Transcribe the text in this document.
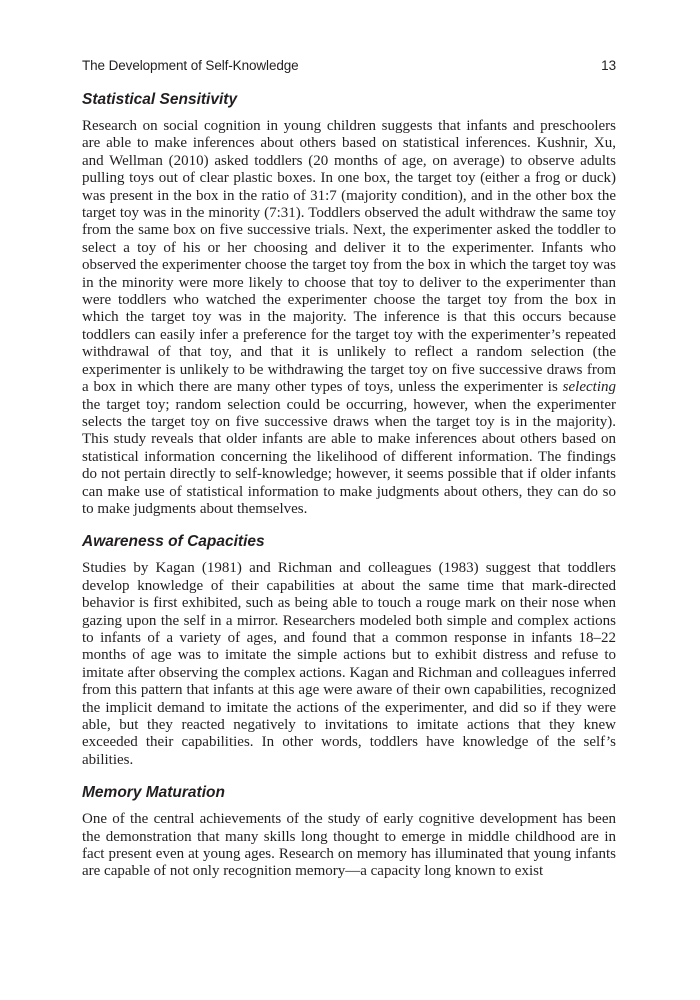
The Development of Self-Knowledge	13
Statistical Sensitivity

Research on social cognition in young children suggests that infants and preschoolers are able to make inferences about others based on statistical inferences. Kushnir, Xu, and Wellman (2010) asked toddlers (20 months of age, on average) to observe adults pulling toys out of clear plastic boxes. In one box, the target toy (either a frog or duck) was present in the box in the ratio of 31:7 (majority condition), and in the other box the target toy was in the minority (7:31). Toddlers observed the adult withdraw the same toy from the same box on five successive trials. Next, the experimenter asked the toddler to select a toy of his or her choosing and deliver it to the experimenter. Infants who observed the experimenter choose the target toy from the box in which the target toy was in the minority were more likely to choose that toy to deliver to the experimenter than were toddlers who watched the experimenter choose the target toy from the box in which the target toy was in the majority. The inference is that this occurs because toddlers can easily infer a preference for the target toy with the experimenter’s repeated withdrawal of that toy, and that it is unlikely to reflect a random selection (the experimenter is unlikely to be withdrawing the target toy on five successive draws from a box in which there are many other types of toys, unless the experimenter is selecting the target toy; random selection could be occurring, however, when the experimenter selects the target toy on five successive draws when the target toy is in the majority). This study reveals that older infants are able to make inferences about others based on statistical information concerning the likelihood of different information. The findings do not pertain directly to self-knowledge; however, it seems possible that if older infants can make use of statistical information to make judgments about others, they can do so to make judgments about themselves.

Awareness of Capacities

Studies by Kagan (1981) and Richman and colleagues (1983) suggest that toddlers develop knowledge of their capabilities at about the same time that mark-directed behavior is first exhibited, such as being able to touch a rouge mark on their nose when gazing upon the self in a mirror. Researchers modeled both simple and complex actions to infants of a variety of ages, and found that a common response in infants 18–22 months of age was to imitate the simple actions but to exhibit distress and refuse to imitate after observing the complex actions. Kagan and Richman and colleagues inferred from this pattern that infants at this age were aware of their own capabilities, recognized the implicit demand to imitate the actions of the experimenter, and did so if they were able, but they reacted negatively to invitations to imitate actions that they knew exceeded their capabilities. In other words, toddlers have knowledge of the self’s abilities.

Memory Maturation

One of the central achievements of the study of early cognitive development has been the demonstration that many skills long thought to emerge in middle childhood are in fact present even at young ages. Research on memory has illuminated that young infants are capable of not only recognition memory—a capacity long known to exist
